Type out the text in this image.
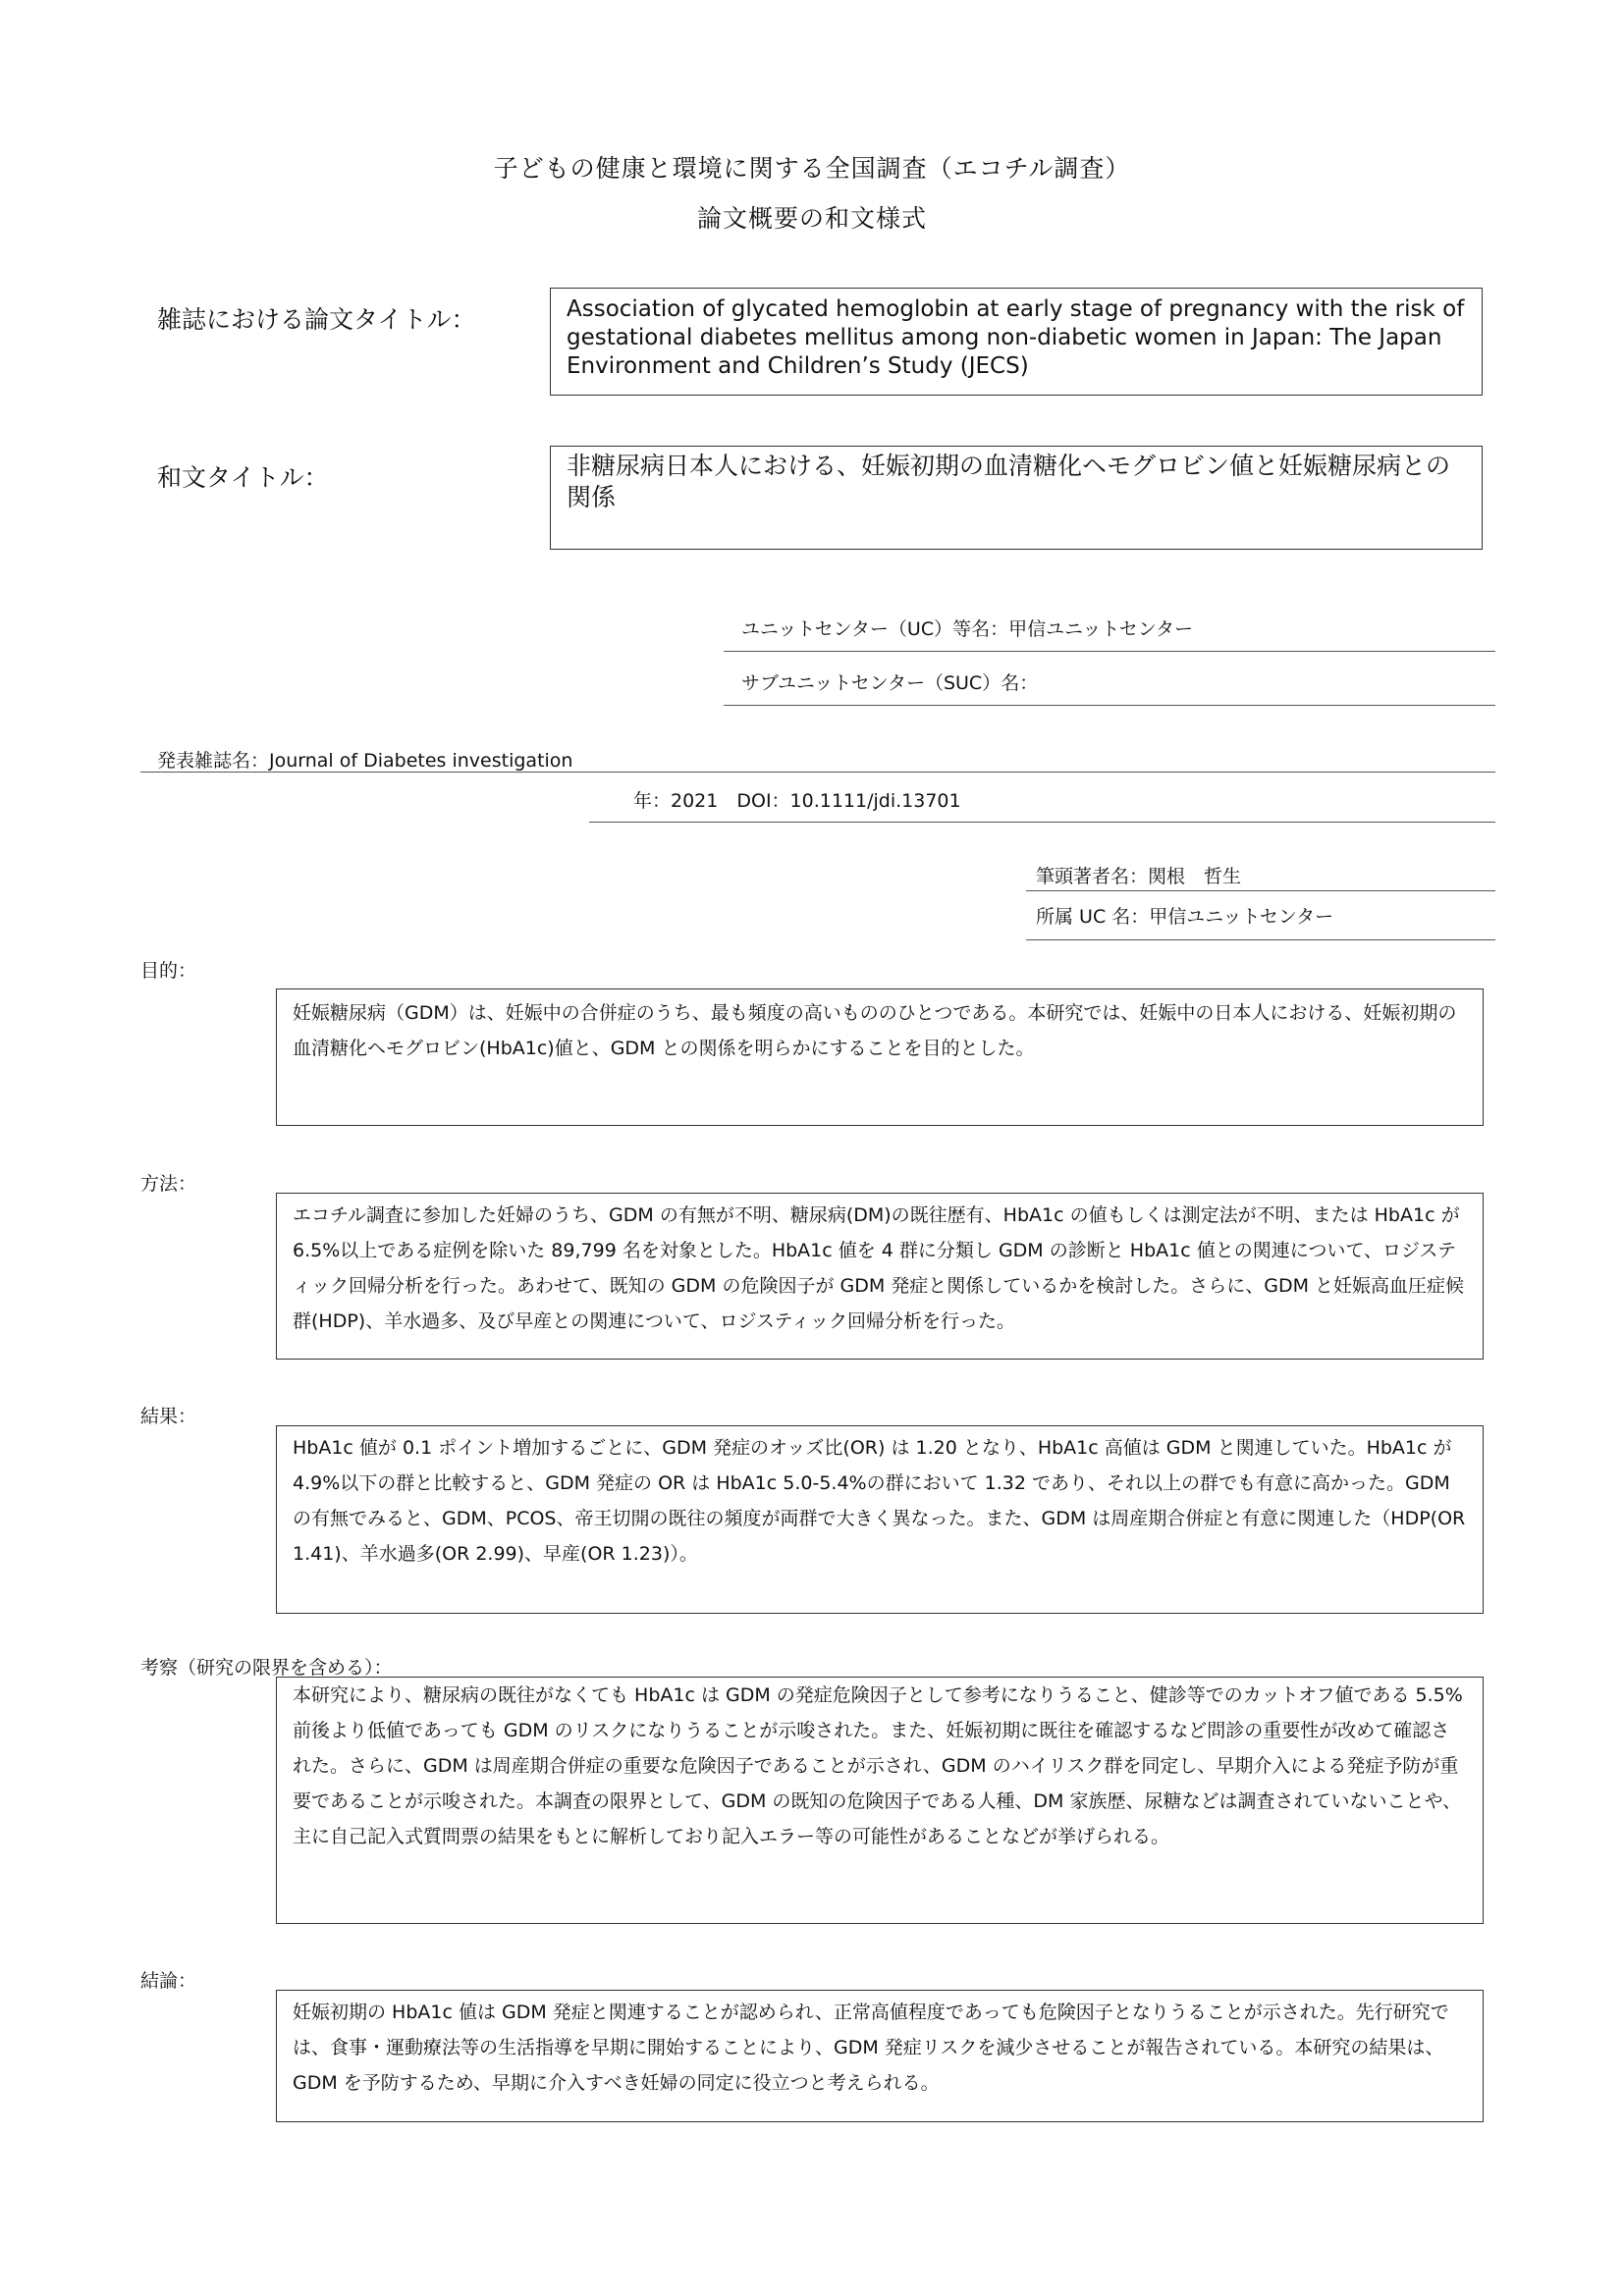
子どもの健康と環境に関する全国調査（エコチル調査）
論文概要の和文様式
雑誌における論文タイトル：	Association of glycated hemoglobin at early stage of pregnancy with the risk of gestational diabetes mellitus among non-diabetic women in Japan: The Japan Environment and Children’s Study (JECS)

和文タイトル：	非糖尿病日本人における、妊娠初期の血清糖化ヘモグロビン値と妊娠糖尿病との関係

ユニットセンター（UC）等名：甲信ユニットセンター
サブユニットセンター（SUC）名：
発表雑誌名：Journal of Diabetes investigation
年：2021　DOI：10.1111/jdi.13701
筆頭著者名：関根　哲生
所属 UC 名：甲信ユニットセンター
目的：

妊娠糖尿病（GDM）は、妊娠中の合併症のうち、最も頻度の高いもののひとつである。本研究では、妊娠中の日本人における、妊娠初期の血清糖化ヘモグロビン(HbA1c)値と、GDM との関係を明らかにすることを目的とした。

方法：

エコチル調査に参加した妊婦のうち、GDM の有無が不明、糖尿病(DM)の既往歴有、HbA1c の値もしくは測定法が不明、または HbA1c が 6.5%以上である症例を除いた 89,799 名を対象とした。HbA1c 値を 4 群に分類し GDM の診断と HbA1c 値との関連について、ロジスティック回帰分析を行った。あわせて、既知の GDM の危険因子が GDM 発症と関係しているかを検討した。さらに、GDM と妊娠高血圧症候群(HDP)、羊水過多、及び早産との関連について、ロジスティック回帰分析を行った。

結果：

HbA1c 値が 0.1 ポイント増加するごとに、GDM 発症のオッズ比(OR) は 1.20 となり、HbA1c 高値は GDM と関連していた。HbA1c が 4.9%以下の群と比較すると、GDM 発症の OR は HbA1c 5.0-5.4%の群において 1.32 であり、それ以上の群でも有意に高かった。GDM の有無でみると、GDM、PCOS、帝王切開の既往の頻度が両群で大きく異なった。また、GDM は周産期合併症と有意に関連した（HDP(OR 1.41)、羊水過多(OR 2.99)、早産(OR 1.23)）。

考察（研究の限界を含める）：

本研究により、糖尿病の既往がなくても HbA1c は GDM の発症危険因子として参考になりうること、健診等でのカットオフ値である 5.5%前後より低値であっても GDM のリスクになりうることが示唆された。また、妊娠初期に既往を確認するなど問診の重要性が改めて確認された。さらに、GDM は周産期合併症の重要な危険因子であることが示され、GDM のハイリスク群を同定し、早期介入による発症予防が重要であることが示唆された。本調査の限界として、GDM の既知の危険因子である人種、DM 家族歴、尿糖などは調査されていないことや、主に自己記入式質問票の結果をもとに解析しており記入エラー等の可能性があることなどが挙げられる。

結論：

妊娠初期の HbA1c 値は GDM 発症と関連することが認められ、正常高値程度であっても危険因子となりうることが示された。先行研究では、食事・運動療法等の生活指導を早期に開始することにより、GDM 発症リスクを減少させることが報告されている。本研究の結果は、GDM を予防するため、早期に介入すべき妊婦の同定に役立つと考えられる。
